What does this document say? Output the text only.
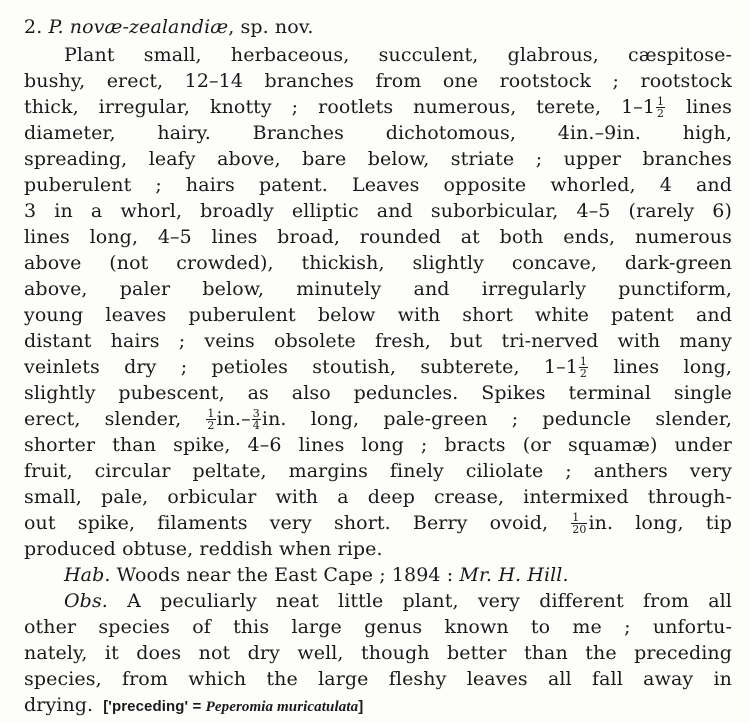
2. P. novæ-zealandiæ, sp. nov.
Plant small, herbaceous, succulent, glabrous, cæspitose-
bushy, erect, 12–14 branches from one rootstock ; rootstock
thick, irregular, knotty ; rootlets numerous, terete, $1-1 \frac{1}{2}$ lines
diameter, hairy. Branches dichotomous, 4in.–9in. high,
spreading, leafy above, bare below, striate ; upper branches
puberulent ; hairs patent. Leaves opposite whorled, 4 and
3 in a whorl, broadly elliptic and suborbicular, 4–5 (rarely 6)
lines long, 4–5 lines broad, rounded at both ends, numerous
above (not crowded), thickish, slightly concave, dark-green
above, paler below, minutely and irregularly punctiform,
young leaves puberulent below with short white patent and
distant hairs ; veins obsolete fresh, but tri-nerved with many
veinlets dry ; petioles stoutish, subterete, $1-1 \frac{1}{2}$ lines long,
slightly pubescent, as also peduncles. Spikes terminal single
erect, slender, $\frac{1}{2} in.- \frac{3}{4}$ in. long, pale-green ; peduncle slender,
shorter than spike, 4–6 lines long ; bracts (or squamæ) under
fruit, circular peltate, margins finely ciliolate ; anthers very
small, pale, orbicular with a deep crease, intermixed through-
out spike, filaments very short. Berry ovoid, $\frac{1}{20}$ in. long, tip
produced obtuse, reddish when ripe.
Hab. Woods near the East Cape ; 1894 : Mr. H. Hill.
Obs. A peculiarly neat little plant, very different from all
other species of this large genus known to me ; unfortu-
nately, it does not dry well, though better than the preceding
species, from which the large fleshy leaves all fall away in
drying. ['preceding' = Peperomia muricatulata]
